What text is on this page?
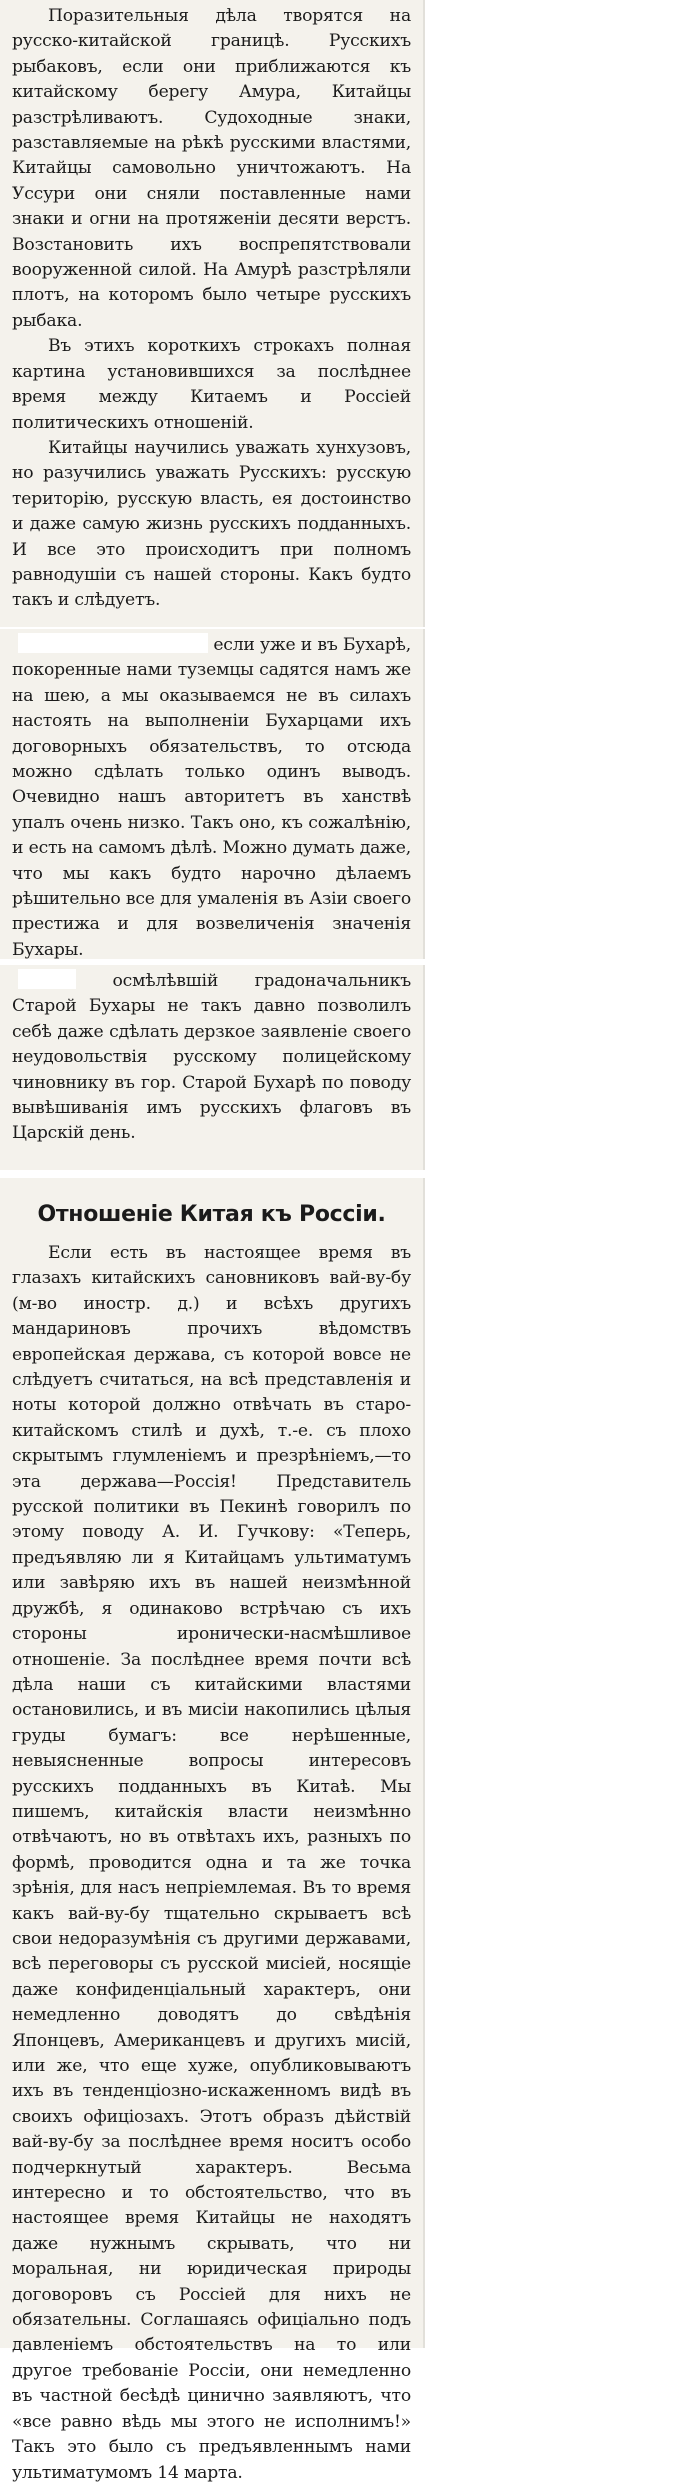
Поразительныя дѣла творятся на русско-китайской границѣ. Русскихъ рыбаковъ, если они приближаются къ китайскому берегу Амура, Китайцы разстрѣливаютъ. Судоходные знаки, разставляемые на рѣкѣ русскими властями, Китайцы самовольно уничтожаютъ. На Уссури они сняли поставленные нами знаки и огни на протяженіи десяти верстъ. Возстановить ихъ воспрепятствовали вооруженной силой. На Амурѣ разстрѣляли плотъ, на которомъ было четыре русскихъ рыбака.

Въ этихъ короткихъ строкахъ полная картина установившихся за послѣднее время между Китаемъ и Россіей политическихъ отношеній.

Китайцы научились уважать хунхузовъ, но разучились уважать Русскихъ: русскую територію, русскую власть, ея достоинство и даже самую жизнь русскихъ подданныхъ. И все это происходитъ при полномъ равнодушіи съ нашей стороны. Какъ будто такъ и слѣдуетъ.

если уже и въ Бухарѣ, покоренные нами туземцы садятся намъ же на шею, а мы оказываемся не въ силахъ настоять на выполненіи Бухарцами ихъ договорныхъ обязательствъ, то отсюда можно сдѣлать только одинъ выводъ. Очевидно нашъ авторитетъ въ ханствѣ упалъ очень низко. Такъ оно, къ сожалѣнію, и есть на самомъ дѣлѣ. Можно думать даже, что мы какъ будто нарочно дѣлаемъ рѣшительно все для умаленія въ Азіи своего престижа и для возвеличенія значенія Бухары.

осмѣлѣвшій градоначальникъ Старой Бухары не такъ давно позволилъ себѣ даже сдѣлать дерзкое заявленіе своего неудовольствія русскому полицейскому чиновнику въ гор. Старой Бухарѣ по поводу вывѣшиванія имъ русскихъ флаговъ въ Царскій день.

Отношеніе Китая къ Россіи.

Если есть въ настоящее время въ глазахъ китайскихъ сановниковъ вай-ву-бу (м-во иностр. д.) и всѣхъ другихъ мандариновъ прочихъ вѣдомствъ европейская держава, съ которой вовсе не слѣдуетъ считаться, на всѣ представленія и ноты которой должно отвѣчать въ старо-китайскомъ стилѣ и духѣ, т.-е. съ плохо скрытымъ глумленіемъ и презрѣніемъ,—то эта держава—Россія! Представитель русской политики въ Пекинѣ говорилъ по этому поводу А. И. Гучкову: «Теперь, предъявляю ли я Китайцамъ ультиматумъ или завѣряю ихъ въ нашей неизмѣнной дружбѣ, я одинаково встрѣчаю съ ихъ стороны иронически-насмѣшливое отношеніе. За послѣднее время почти всѣ дѣла наши съ китайскими властями остановились, и въ мисіи накопились цѣлыя груды бумагъ: все нерѣшенные, невыясненные вопросы интересовъ русскихъ подданныхъ въ Китаѣ. Мы пишемъ, китайскія власти неизмѣнно отвѣчаютъ, но въ отвѣтахъ ихъ, разныхъ по формѣ, проводится одна и та же точка зрѣнія, для насъ непріемлемая. Въ то время какъ вай-ву-бу тщательно скрываетъ всѣ свои недоразумѣнія съ другими державами, всѣ переговоры съ русской мисіей, носящіе даже конфиденціальный характеръ, они немедленно доводятъ до свѣдѣнія Японцевъ, Американцевъ и другихъ мисій, или же, что еще хуже, опубликовываютъ ихъ въ тенденціозно-искаженномъ видѣ въ своихъ офиціозахъ. Этотъ образъ дѣйствій вай-ву-бу за послѣднее время носитъ особо подчеркнутый характеръ. Весьма интересно и то обстоятельство, что въ настоящее время Китайцы не находятъ даже нужнымъ скрывать, что ни моральная, ни юридическая природы договоровъ съ Россіей для нихъ не обязательны. Соглашаясь офиціально подъ давленіемъ обстоятельствъ на то или другое требованіе Россіи, они немедленно въ частной бесѣдѣ цинично заявляютъ, что «все равно вѣдь мы этого не исполнимъ!» Такъ это было съ предъявленнымъ нами ультиматумомъ 14 марта.
